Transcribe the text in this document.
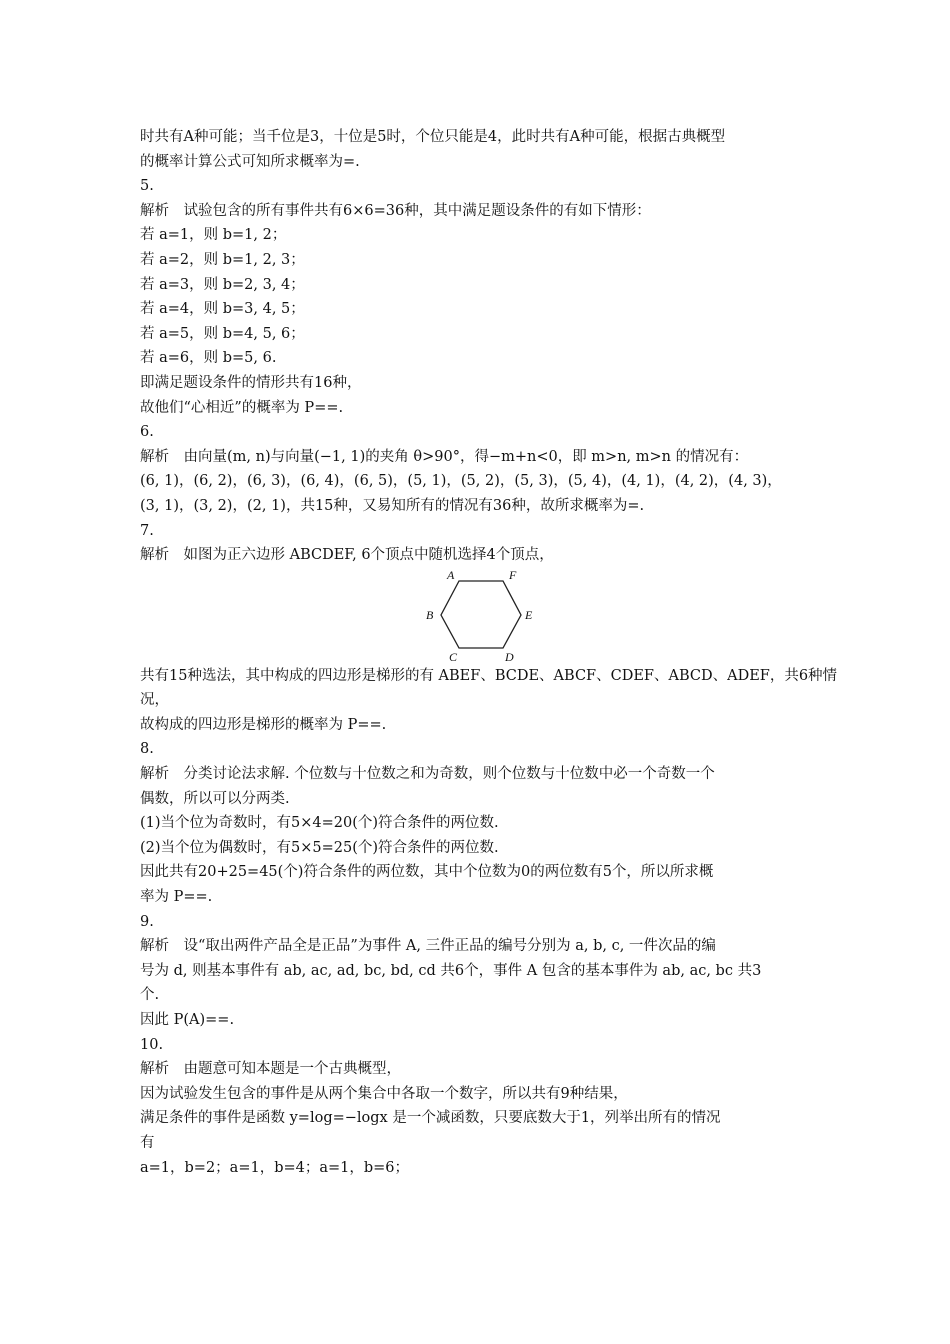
时共有A种可能；当千位是3，十位是5时，个位只能是4，此时共有A种可能，根据古典概型
的概率计算公式可知所求概率为=.
5.
解析　试验包含的所有事件共有6×6=36种，其中满足题设条件的有如下情形：
若 a=1，则 b=1, 2；
若 a=2，则 b=1, 2, 3；
若 a=3，则 b=2, 3, 4；
若 a=4，则 b=3, 4, 5；
若 a=5，则 b=4, 5, 6；
若 a=6，则 b=5, 6.
即满足题设条件的情形共有16种，
故他们“心相近”的概率为 P==.
6.
解析　由向量(m, n)与向量(−1, 1)的夹角 θ>90°，得−m+n<0，即 m>n, m>n 的情况有：
(6, 1)，(6, 2)，(6, 3)，(6, 4)，(6, 5)，(5, 1)，(5, 2)，(5, 3)，(5, 4)，(4, 1)，(4, 2)，(4, 3)，
(3, 1)，(3, 2)，(2, 1)，共15种，又易知所有的情况有36种，故所求概率为=.
7.
解析　如图为正六边形 ABCDEF, 6个顶点中随机选择4个顶点，
A	F
B	E
C	D
共有15种选法，其中构成的四边形是梯形的有 ABEF、BCDE、ABCF、CDEF、ABCD、ADEF，共6种情
况，
故构成的四边形是梯形的概率为 P==.
8.
解析　分类讨论法求解. 个位数与十位数之和为奇数，则个位数与十位数中必一个奇数一个
偶数，所以可以分两类.
(1)当个位为奇数时，有5×4=20(个)符合条件的两位数.
(2)当个位为偶数时，有5×5=25(个)符合条件的两位数.
因此共有20+25=45(个)符合条件的两位数，其中个位数为0的两位数有5个，所以所求概
率为 P==.
9.
解析　设“取出两件产品全是正品”为事件 A, 三件正品的编号分别为 a, b, c, 一件次品的编
号为 d, 则基本事件有 ab, ac, ad, bc, bd, cd 共6个，事件 A 包含的基本事件为 ab, ac, bc 共3
个.
因此 P(A)==.
10.
解析　由题意可知本题是一个古典概型，
因为试验发生包含的事件是从两个集合中各取一个数字，所以共有9种结果，
满足条件的事件是函数 y=log=−logx 是一个减函数，只要底数大于1，列举出所有的情况
有
a=1，b=2；a=1，b=4；a=1，b=6；
